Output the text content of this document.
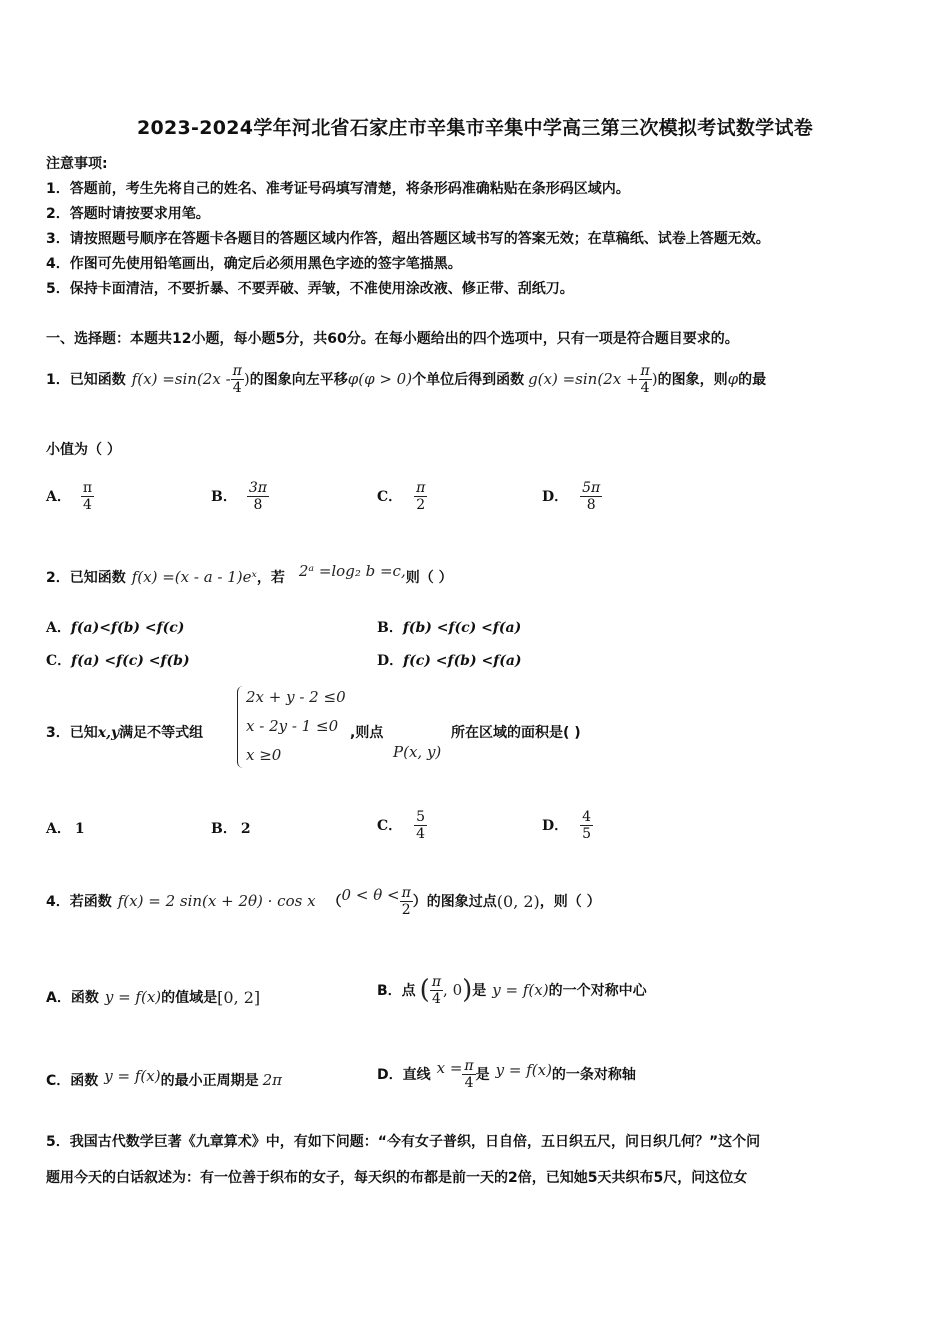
2023-2024学年河北省石家庄市辛集市辛集中学高三第三次模拟考试数学试卷
注意事项:
1．答题前，考生先将自己的姓名、准考证号码填写清楚，将条形码准确粘贴在条形码区域内。
2．答题时请按要求用笔。
3．请按照题号顺序在答题卡各题目的答题区域内作答，超出答题区域书写的答案无效；在草稿纸、试卷上答题无效。
4．作图可先使用铅笔画出，确定后必须用黑色字迹的签字笔描黑。
5．保持卡面清洁，不要折暴、不要弄破、弄皱，不准使用涂改液、修正带、刮纸刀。
一、选择题：本题共12小题，每小题5分，共60分。在每小题给出的四个选项中，只有一项是符合题目要求的。
1．已知函数 $f(x) =\sin(2x - \frac{\pi}{4}$ ) 的图象向左平移 φ(φ > 0) 个单位后得到函数 $g(x) =\sin(2x + \frac{\pi}{4}$ ) 的图象，则 φ 的最
小值为（ ）
A． $\frac{\pi}{4}$	B． $\frac{3\pi}{8}$	C． $\frac{\pi}{2}$	D． $\frac{5\pi}{8}$
2．已知函数 f(x) =(x - a - 1)eˣ ，若 2ᵃ =log₂ b =c, 则（ ）
A．f(a)<f(b) <f(c)	B．f(b) <f(c) <f(a)
C．f(a) <f(c) <f(b)	D．f(c) <f(b) <f(a)
3．已知x,y满足不等式组
2x + y - 2 ≤0
x - 2y - 1 ≤0
x ≥0
,则点
P(x, y)
所在区域的面积是( )
A． 1	B． 2	C． $\frac{5}{4}$	D． $\frac{4}{5}$
4．若函数 f(x) = 2 sin(x + 2θ) · cos x （ $0 < \theta < \frac{\pi}{2}$ ） 的图象过点 (0, 2) ，则（ ）
A．函数 y = f(x) 的值域是 [0, 2]	B．点 ( $\frac{\pi}{4}$ , 0 ) 是 y = f(x) 的一个对称中心
C．函数 y = f(x) 的最小正周期是 2π	D．直线 $x = \frac{\pi}{4}$ 是 y = f(x) 的一条对称轴
5．我国古代数学巨著《九章算术》中，有如下问题：“今有女子普织，日自倍，五日织五尺，问日织几何？”这个问
题用今天的白话叙述为：有一位善于织布的女子，每天织的布都是前一天的2倍，已知她5天共织布5尺，问这位女
